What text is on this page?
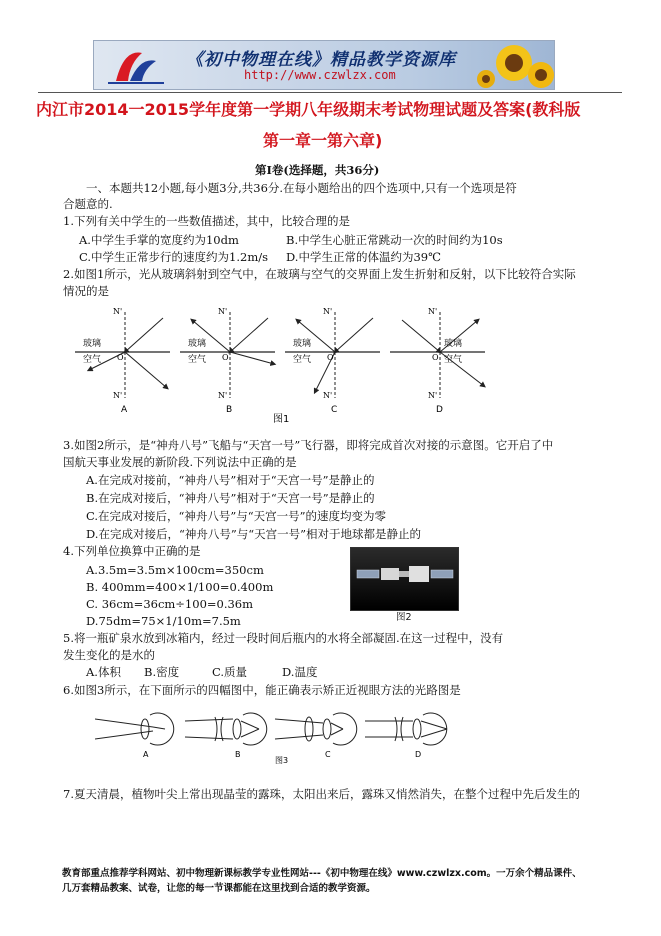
《初中物理在线》精品教学资源库
http://www.czwlzx.com
内江市2014一2015学年度第一学期八年级期末考试物理试题及答案(教科版
第一章一第六章)
第Ⅰ卷(选择题，共36分)
一、本题共12小题,每小题3分,共36分.在每小题给出的四个选项中,只有一个选项是符
合题意的.
1.下列有关中学生的一些数值描述，其中，比较合理的是
A.中学生手掌的宽度约为10dm	B.中学生心脏正常跳动一次的时间约为10s
C.中学生正常步行的速度约为1.2m/s D.中学生正常的体温约为39℃
2.如图1所示，光从玻璃斜射到空气中，在玻璃与空气的交界面上发生折射和反射，以下比较符合实际
情况的是
玻璃
空气
N'
N'
O
A
玻璃
空气
N'
N'
O
B
玻璃
空气
N'
N'
O
C
玻璃
空气
N'
N'
O
D
图1
3.如图2所示，是“神舟八号”飞船与“天宫一号”飞行器，即将完成首次对接的示意图。它开启了中
国航天事业发展的新阶段.下列说法中正确的是
A.在完成对接前，“神舟八号”相对于“天宫一号”是静止的
B.在完成对接后，“神舟八号”相对于“天宫一号”是静止的
C.在完成对接后，“神舟八号”与“天宫一号”的速度均变为零
D.在完成对接后，“神舟八号”与“天宫一号”相对于地球都是静止的
4.下列单位换算中正确的是
A.3.5m=3.5m×100cm=350cm
B. 400mm=400×1/100=0.400m
C. 36cm=36cm÷100=0.36m
D.75dm=75×1/10m=7.5m	图2
5.将一瓶矿泉水放到冰箱内，经过一段时间后瓶内的水将全部凝固.在这一过程中，没有
发生变化的是水的
A.体积 B.密度	C.质量	D.温度
6.如图3所示，在下面所示的四幅图中，能正确表示矫正近视眼方法的光路图是
A	B	C	D
图3
7.夏天清晨，植物叶尖上常出现晶莹的露珠，太阳出来后，露珠又悄然消失，在整个过程中先后发生的
教育部重点推荐学科网站、初中物理新课标教学专业性网站---《初中物理在线》www.czwlzx.com。一万余个精品课件、
几万套精品教案、试卷，让您的每一节课都能在这里找到合适的教学资源。
